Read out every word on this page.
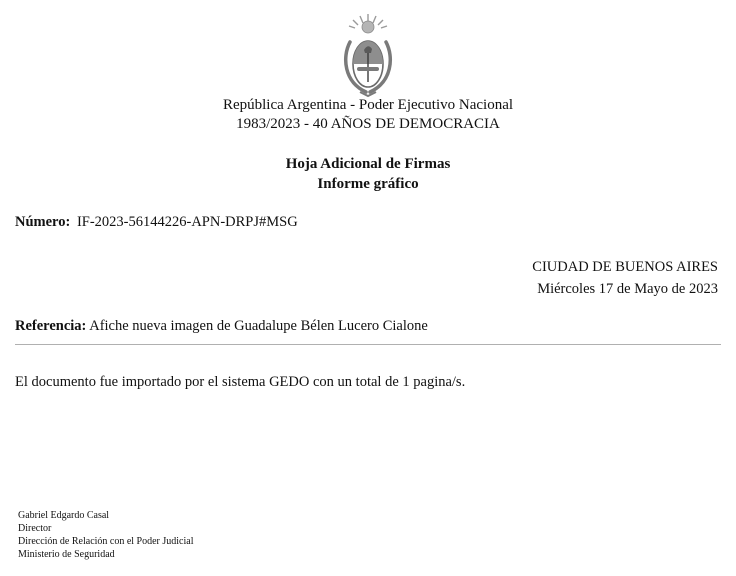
República Argentina - Poder Ejecutivo Nacional
1983/2023 - 40 AÑOS DE DEMOCRACIA
Hoja Adicional de Firmas
Informe gráfico
Número: IF-2023-56144226-APN-DRPJ#MSG
CIUDAD DE BUENOS AIRES
Miércoles 17 de Mayo de 2023
Referencia: Afiche nueva imagen de Guadalupe Bélen Lucero Cialone
El documento fue importado por el sistema GEDO con un total de 1 pagina/s.
Gabriel Edgardo Casal
Director
Dirección de Relación con el Poder Judicial
Ministerio de Seguridad
